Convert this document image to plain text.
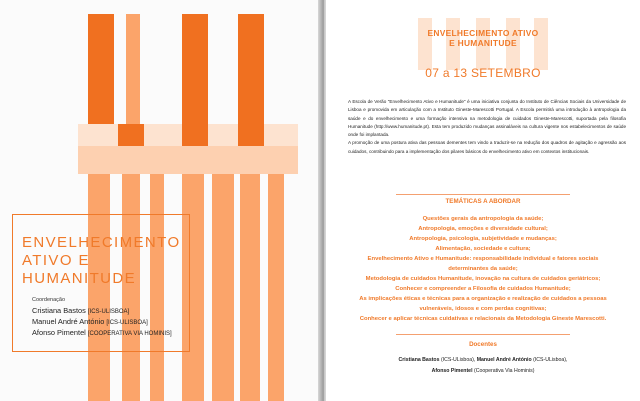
ENVELHECIMENTO
ATIVO E
HUMANITUDE
Coordenação
Cristiana Bastos [ICS-ULISBOA]
Manuel André António [ICS-ULISBOA]
Afonso Pimentel [COOPERATIVA VIA HOMINIS]
ENVELHECIMENTO ATIVO
E HUMANITUDE
07 a 13 SETEMBRO

A Escola de Verão "Envelhecimento Ativo e Humanitude" é uma iniciativa conjunta do Instituto de Ciências Sociais da Universidade de Lisboa e promovida em articulação com a Instituto Gineste-Marescotti Portugal. A Escola permitirá uma introdução à antropologia da saúde e do envelhecimento e uma formação intensiva na metodologia de cuidados Gineste-Marescotti, suportada pela filosofia Humanitude (http://www.humanitude.pt). Esta tem produzido mudanças assinaláveis na cultura vigente nos estabelecimentos de saúde onde foi implantada.

A promoção de uma postura ativa das pessoas dementes tem vindo a traduzir-se na redução dos quadros de agitação e agressão aos cuidados, contribuindo para a implementação dos pilares básicos do envelhecimento ativo em contextos institucionais.

TEMÁTICAS A ABORDAR
Questões gerais da antropologia da saúde;
Antropologia, emoções e diversidade cultural;
Antropologia, psicologia, subjetividade e mudanças;
Alimentação, sociedade e cultura;
Envelhecimento Ativo e Humanitude: responsabilidade individual e fatores sociais
determinantes da saúde;
Metodologia de cuidados Humanitude, inovação na cultura de cuidados geriátricos;
Conhecer e compreender a Filosofia de cuidados Humanitude;
As implicações éticas e técnicas para a organização e realização de cuidados a pessoas
vulneráveis, idosos e com perdas cognitivas;
Conhecer e aplicar técnicas cuidativas e relacionais da Metodologia Gineste Marescotti.
Docentes
Cristiana Bastos (ICS-ULisboa), Manuel André António (ICS-ULisboa),
Afonso Pimentel (Cooperativa Via Hominis)
